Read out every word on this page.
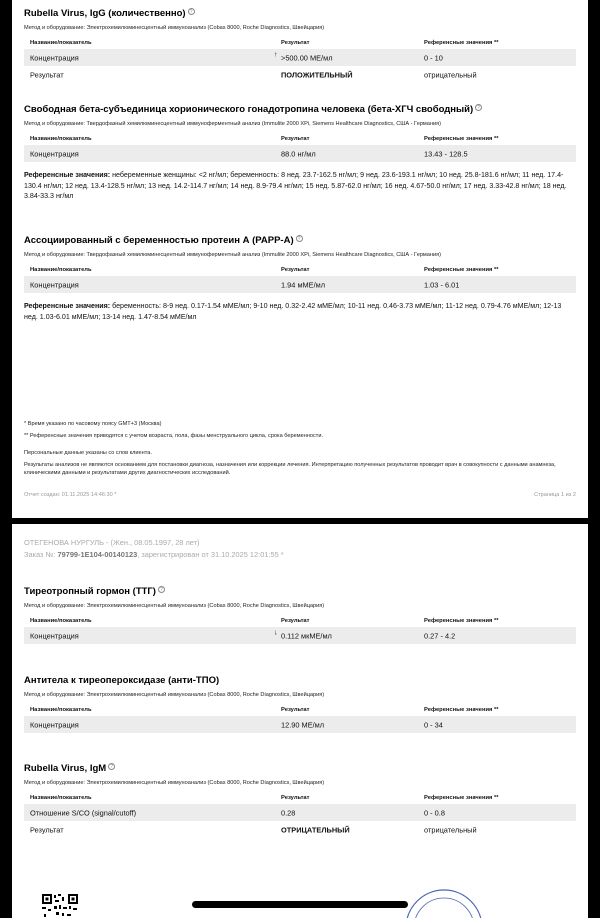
Rubella Virus, IgG (количественно) ?
Метод и оборудование: Электрохемилюминесцентный иммуноанализ (Cobas 8000, Roche Diagnostics, Швейцария)
Название/показатель	Результат	Референсные значения **
Концентрация	↑ >500.00 МЕ/мл	0 - 10
Результат	ПОЛОЖИТЕЛЬНЫЙ	отрицательный
Свободная бета-субъединица хорионического гонадотропина человека (бета-ХГЧ свободный) ?
Метод и оборудование: Твердофазный хемилюминесцентный иммуноферментный анализ (Immulite 2000 XPi, Siemens Healthcare Diagnostics, США - Германия)
Название/показатель	Результат	Референсные значения **
Концентрация	88.0 нг/мл	13.43 - 128.5
Референсные значения: небеременные женщины: <2 нг/мл; беременность: 8 нед. 23.7-162.5 нг/мл; 9 нед. 23.6-193.1 нг/мл; 10 нед. 25.8-181.6 нг/мл; 11 нед. 17.4-130.4 нг/мл; 12 нед. 13.4-128.5 нг/мл; 13 нед. 14.2-114.7 нг/мл; 14 нед. 8.9-79.4 нг/мл; 15 нед. 5.87-62.0 нг/мл; 16 нед. 4.67-50.0 нг/мл; 17 нед. 3.33-42.8 нг/мл; 18 нед. 3.84-33.3 нг/мл
Ассоциированный с беременностью протеин А (PAPP-A) ?
Метод и оборудование: Твердофазный хемилюминесцентный иммуноферментный анализ (Immulite 2000 XPi, Siemens Healthcare Diagnostics, США - Германия)
Название/показатель	Результат	Референсные значения **
Концентрация	1.94 мМЕ/мл	1.03 - 6.01
Референсные значения: беременность: 8-9 нед. 0.17-1.54 мМЕ/мл; 9-10 нед. 0.32-2.42 мМЕ/мл; 10-11 нед. 0.46-3.73 мМЕ/мл; 11-12 нед. 0.79-4.76 мМЕ/мл; 12-13 нед. 1.03-6.01 мМЕ/мл; 13-14 нед. 1.47-8.54 мМЕ/мл
* Время указано по часовому поясу GMT+3 (Москва)
** Референсные значения приводятся с учетом возраста, пола, фазы менструального цикла, срока беременности.
Персональные данные указаны со слов клиента.
Результаты анализов не являются основанием для постановки диагноза, назначения или коррекции лечения. Интерпретацию полученных результатов проводит врач в совокупности с данными анамнеза, клиническими данными и результатами других диагностических исследований.
Отчет создан: 01.11.2025 14:46:30 *	Страница 1 из 2
ОТЕГЕНОВА НУРГУЛЬ - (Жен., 08.05.1997, 28 лет)
Заказ №: 79799-1E104-00140123, зарегистрирован от 31.10.2025 12:01:55 *
Тиреотропный гормон (ТТГ) ?
Метод и оборудование: Электрохемилюминесцентный иммуноанализ (Cobas 8000, Roche Diagnostics, Швейцария)
Название/показатель	Результат	Референсные значения **
Концентрация	↓ 0.112 мкМЕ/мл	0.27 - 4.2
Антитела к тиреопероксидазе (анти-ТПО)
Метод и оборудование: Электрохемилюминесцентный иммуноанализ (Cobas 8000, Roche Diagnostics, Швейцария)
Название/показатель	Результат	Референсные значения **
Концентрация	12.90 МЕ/мл	0 - 34
Rubella Virus, IgM ?
Метод и оборудование: Электрохемилюминесцентный иммуноанализ (Cobas 8000, Roche Diagnostics, Швейцария)
Название/показатель	Результат	Референсные значения **
Отношение S/CO (signal/cutoff)	0.28	0 - 0.8
Результат	ОТРИЦАТЕЛЬНЫЙ	отрицательный
